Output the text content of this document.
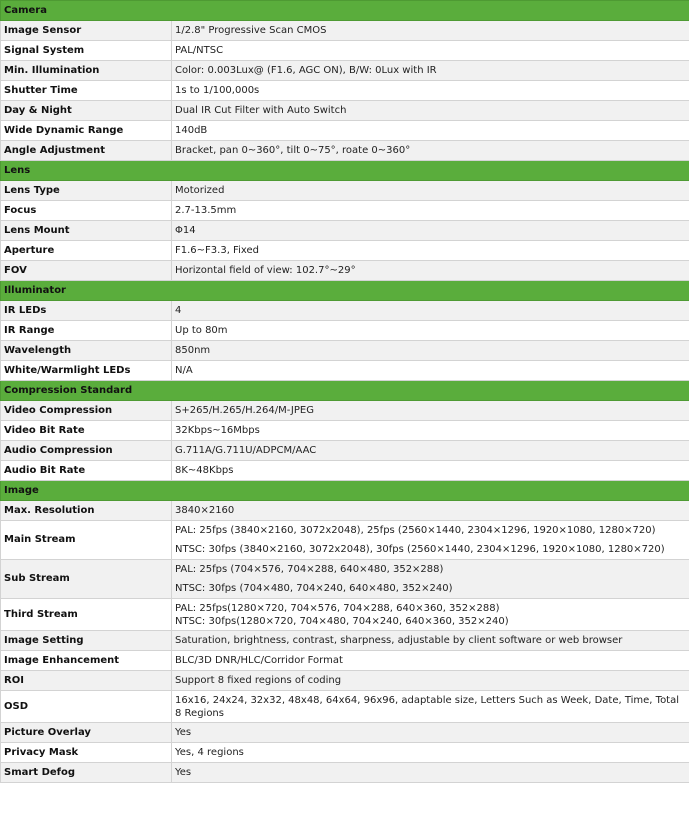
Camera	
Image Sensor	1/2.8" Progressive Scan CMOS
Signal System	PAL/NTSC
Min. Illumination	Color: 0.003Lux@ (F1.6, AGC ON), B/W: 0Lux with IR
Shutter Time	1s to 1/100,000s
Day & Night	Dual IR Cut Filter with Auto Switch
Wide Dynamic Range	140dB
Angle Adjustment	Bracket, pan 0~360°, tilt 0~75°, roate 0~360°
Lens	
Lens Type	Motorized
Focus	2.7-13.5mm
Lens Mount	Φ14
Aperture	F1.6~F3.3, Fixed
FOV	Horizontal field of view: 102.7°~29°
Illuminator	
IR LEDs	4
IR Range	Up to 80m
Wavelength	850nm
White/Warmlight LEDs	N/A
Compression Standard	
Video Compression	S+265/H.265/H.264/M-JPEG
Video Bit Rate	32Kbps~16Mbps
Audio Compression	G.711A/G.711U/ADPCM/AAC
Audio Bit Rate	8K~48Kbps
Image	
Max. Resolution	3840×2160
Main Stream	PAL: 25fps (3840×2160, 3072x2048), 25fps (2560×1440, 2304×1296, 1920×1080, 1280×720)
NTSC: 30fps (3840×2160, 3072x2048), 30fps (2560×1440, 2304×1296, 1920×1080, 1280×720)

Sub Stream	PAL: 25fps (704×576, 704×288, 640×480, 352×288)
NTSC: 30fps (704×480, 704×240, 640×480, 352×240)

Third Stream	PAL: 25fps(1280×720, 704×576, 704×288, 640×360, 352×288)
NTSC: 30fps(1280×720, 704×480, 704×240, 640×360, 352×240)

Image Setting	Saturation, brightness, contrast, sharpness, adjustable by client software or web browser
Image Enhancement	BLC/3D DNR/HLC/Corridor Format
ROI	Support 8 fixed regions of coding
OSD	16x16, 24x24, 32x32, 48x48, 64x64, 96x96, adaptable size, Letters Such as Week, Date, Time, Total 8 Regions

Picture Overlay	Yes
Privacy Mask	Yes, 4 regions
Smart Defog	Yes
